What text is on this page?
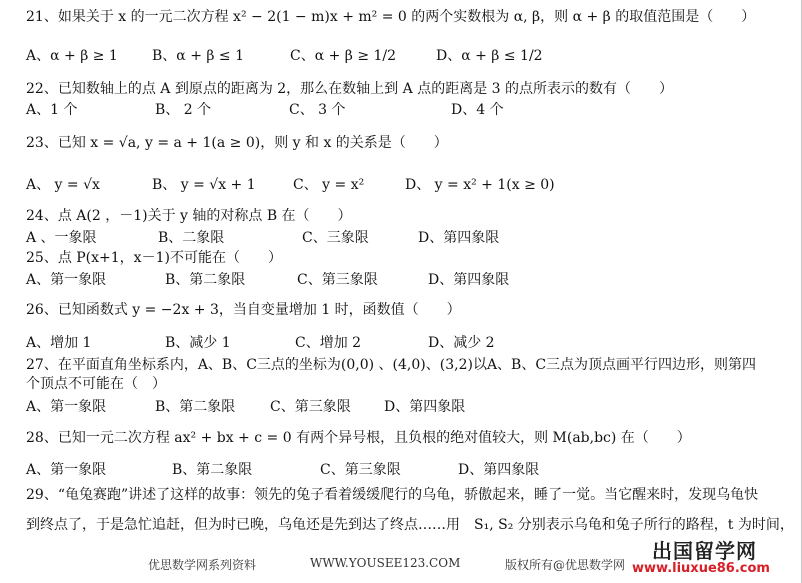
21、如果关于 x 的一元二次方程 x² − 2(1 − m)x + m² = 0 的两个实数根为 α, β，则 α + β 的取值范围是（　　）
A、α + β ≥ 1 B、α + β ≤ 1	C、α + β ≥ 1/2	D、α + β ≤ 1/2
22、已知数轴上的点 A 到原点的距离为 2，那么在数轴上到 A 点的距离是 3 的点所表示的数有（　　）
A、1 个	B、 2 个	C、 3 个	D、4 个
23、已知 x = √a, y = a + 1(a ≥ 0)，则 y 和 x 的关系是（　　）
A、 y = √x	B、 y = √x + 1	C、 y = x²	D、 y = x² + 1(x ≥ 0)
24、点 A(2 ，－1)关于 y 轴的对称点 B 在（　　）
A 、一象限	B、二象限	C、三象限	D、第四象限
25、点 P(x+1，x－1)不可能在（　　）
A、第一象限	B、第二象限	C、第三象限	D、第四象限
26、已知函数式 y = −2x + 3，当自变量增加 1 时，函数值（　　）
A、增加 1	B、减少 1	C、增加 2	D、减少 2
27、在平面直角坐标系内，A、B、C三点的坐标为(0,0) 、(4,0)、(3,2)以A、B、C三点为顶点画平行四边形，则第四
个顶点不可能在（　）
A、第一象限	B、第二象限 C、第三象限 D、第四象限
28、已知一元二次方程 ax² + bx + c = 0 有两个异号根，且负根的绝对值较大，则 M(ab,bc) 在（　　）
A、第一象限	B、第二象限	C、第三象限	D、第四象限
29、“龟兔赛跑”讲述了这样的故事：领先的兔子看着缓缓爬行的乌龟，骄傲起来，睡了一觉。当它醒来时，发现乌龟快
到终点了，于是急忙追赶，但为时已晚，乌龟还是先到达了终点……用　S₁, S₂ 分别表示乌龟和兔子所行的路程，t 为时间，
优思数学网系列资料	WWW.YOUSEE123.COM	版权所有@优思数学网
出国留学网
www.liuxue86.com
